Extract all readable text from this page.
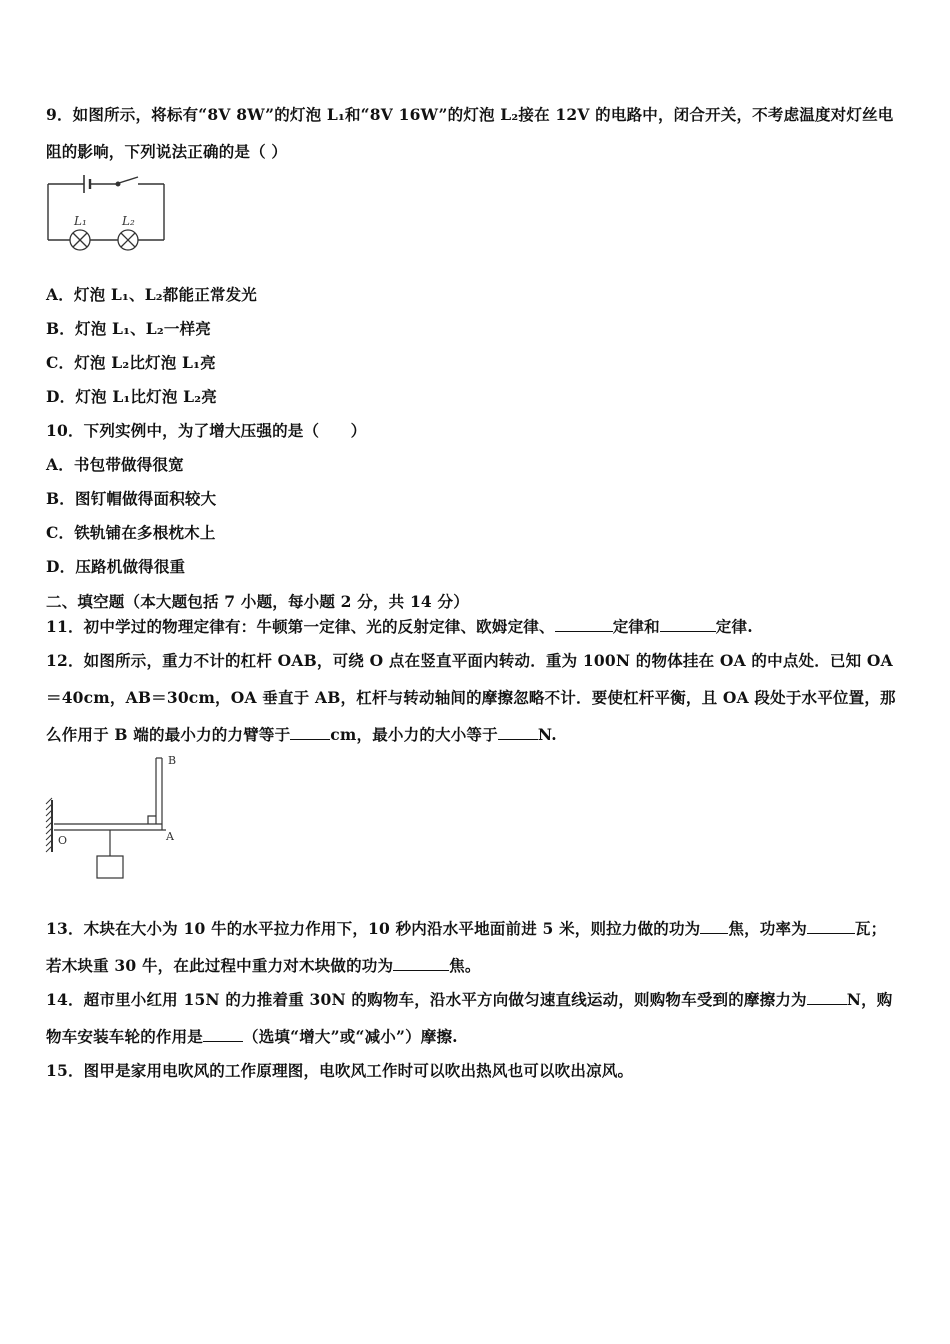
9．如图所示，将标有“8V 8W”的灯泡 L₁和“8V 16W”的灯泡 L₂接在 12V 的电路中，闭合开关，不考虑温度对灯丝电
阻的影响，下列说法正确的是（ ）
L₁	L₂
A．灯泡 L₁、L₂都能正常发光
B．灯泡 L₁、L₂一样亮
C．灯泡 L₂比灯泡 L₁亮
D．灯泡 L₁比灯泡 L₂亮
10．下列实例中，为了增大压强的是（　　）
A．书包带做得很宽
B．图钉帽做得面积较大
C．铁轨铺在多根枕木上
D．压路机做得很重
二、填空题（本大题包括 7 小题，每小题 2 分，共 14 分）
11．初中学过的物理定律有：牛顿第一定律、光的反射定律、欧姆定律、	定律和	定律.
12．如图所示，重力不计的杠杆 OAB，可绕 O 点在竖直平面内转动．重为 100N 的物体挂在 OA 的中点处．已知 OA
＝40cm，AB＝30cm，OA 垂直于 AB，杠杆与转动轴间的摩擦忽略不计．要使杠杆平衡，且 OA 段处于水平位置，那
么作用于 B 端的最小力的力臂等于	cm，最小力的大小等于	N.
B
A
O
13．木块在大小为 10 牛的水平拉力作用下，10 秒内沿水平地面前进 5 米，则拉力做的功为 焦，功率为	瓦；
若木块重 30 牛，在此过程中重力对木块做的功为	焦。
14．超市里小红用 15N 的力推着重 30N 的购物车，沿水平方向做匀速直线运动，则购物车受到的摩擦力为	N，购
物车安装车轮的作用是	（选填“增大”或“减小”）摩擦.
15．图甲是家用电吹风的工作原理图，电吹风工作时可以吹出热风也可以吹出凉风。
